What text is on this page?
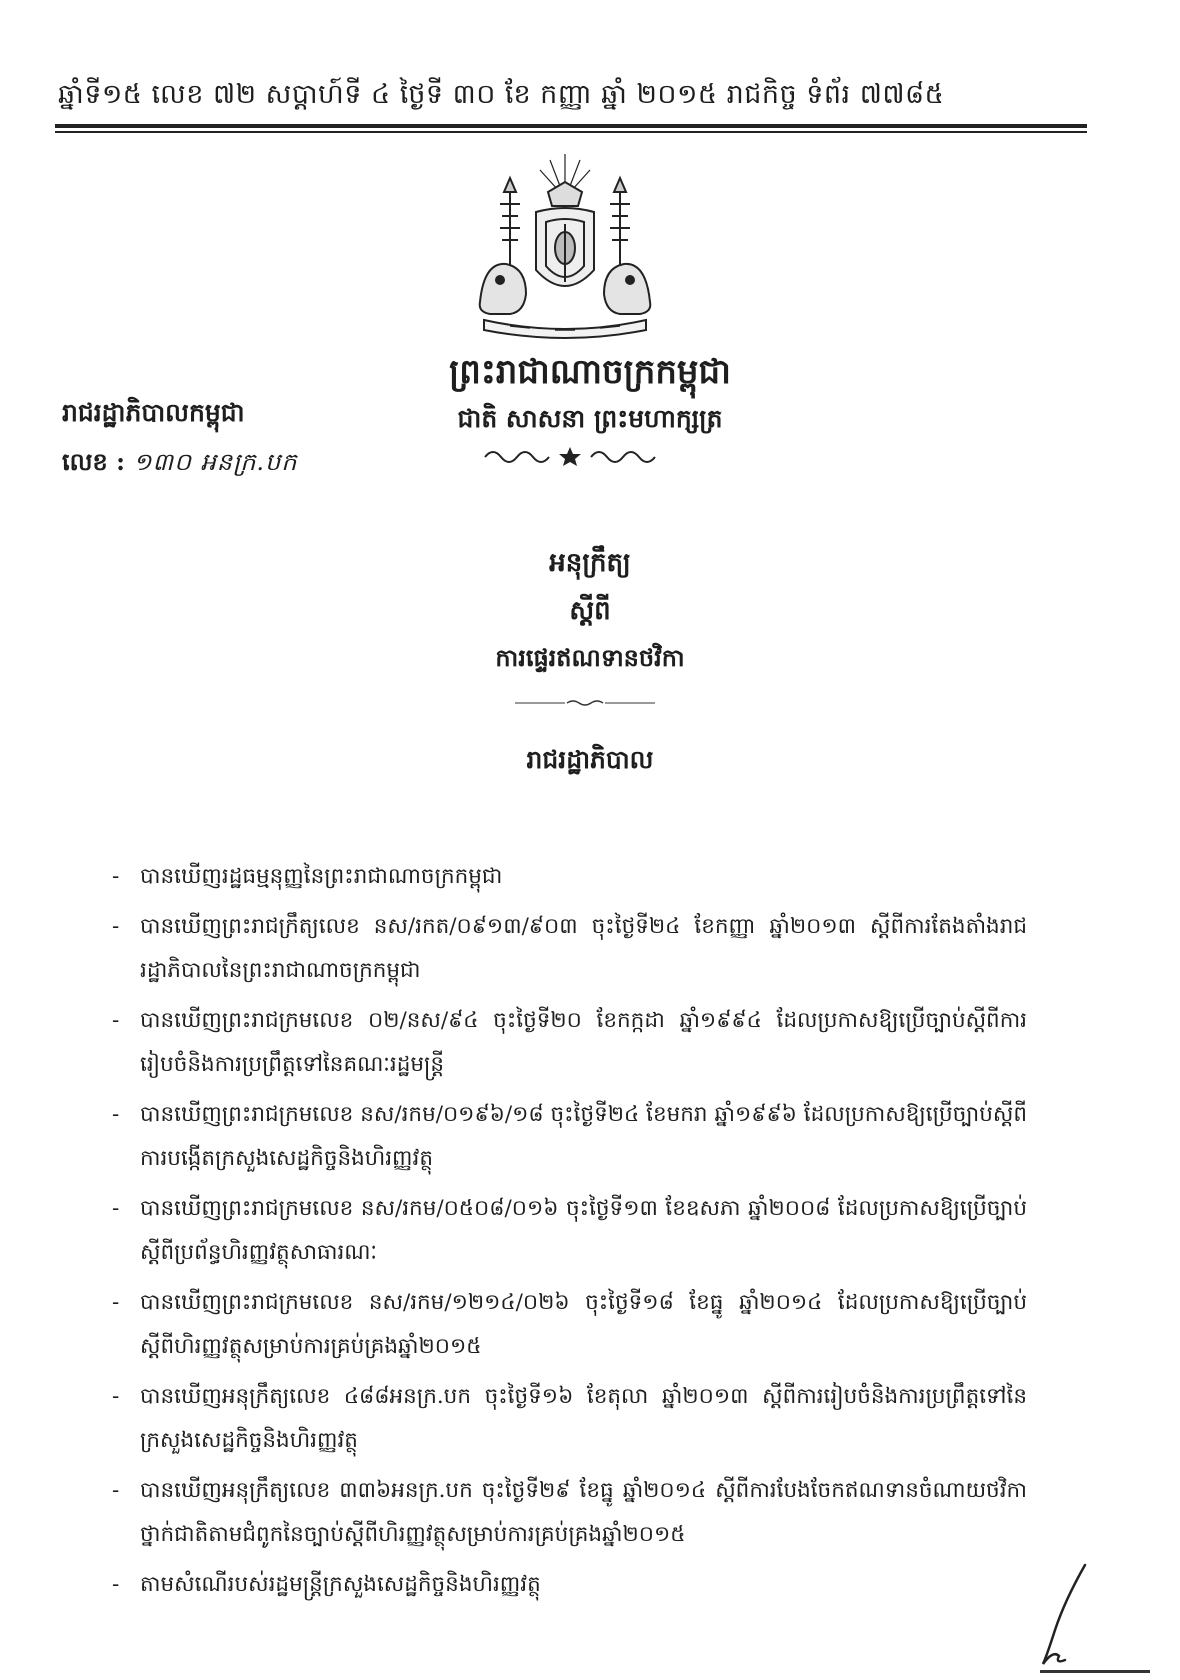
ឆ្នាំទី១៥ លេខ ៧២ សប្តាហ៍ទី ៤ ថ្ងៃទី ៣០ ខែ កញ្ញា ឆ្នាំ ២០១៥ រាជកិច្ច ទំព័រ ៧៧៨៥
ព្រះរាជាណាចក្រកម្ពុជា
ជាតិ សាសនា ព្រះមហាក្សត្រ
រាជរដ្ឋាភិបាលកម្ពុជា
លេខ : ១៣០ អនក្រ.បក
អនុក្រឹត្យ
ស្តីពី
ការផ្ទេរឥណទានថវិកា
រាជរដ្ឋាភិបាល
- បានឃើញរដ្ឋធម្មនុញ្ញនៃព្រះរាជាណាចក្រកម្ពុជា
- បានឃើញព្រះរាជក្រឹត្យលេខ នស/រកត/០៩១៣/៩០៣ ចុះថ្ងៃទី២៤ ខែកញ្ញា ឆ្នាំ២០១៣ ស្តីពីការតែងតាំងរាជរដ្ឋាភិបាលនៃព្រះរាជាណាចក្រកម្ពុជា
- បានឃើញព្រះរាជក្រមលេខ ០២/នស/៩៤ ចុះថ្ងៃទី២០ ខែកក្កដា ឆ្នាំ១៩៩៤ ដែលប្រកាសឱ្យប្រើច្បាប់ស្តីពីការរៀបចំនិងការប្រព្រឹត្តទៅនៃគណៈរដ្ឋមន្ត្រី
- បានឃើញព្រះរាជក្រមលេខ នស/រកម/០១៩៦/១៨ ចុះថ្ងៃទី២៤ ខែមករា ឆ្នាំ១៩៩៦ ដែលប្រកាសឱ្យប្រើច្បាប់ស្តីពីការបង្កើតក្រសួងសេដ្ឋកិច្ចនិងហិរញ្ញវត្ថុ
- បានឃើញព្រះរាជក្រមលេខ នស/រកម/០៥០៨/០១៦ ចុះថ្ងៃទី១៣ ខែឧសភា ឆ្នាំ២០០៨ ដែលប្រកាសឱ្យប្រើច្បាប់ស្តីពីប្រព័ន្ធហិរញ្ញវត្ថុសាធារណៈ
- បានឃើញព្រះរាជក្រមលេខ នស/រកម/១២១៤/០២៦ ចុះថ្ងៃទី១៨ ខែធ្នូ ឆ្នាំ២០១៤ ដែលប្រកាសឱ្យប្រើច្បាប់ស្តីពីហិរញ្ញវត្ថុសម្រាប់ការគ្រប់គ្រងឆ្នាំ២០១៥
- បានឃើញអនុក្រឹត្យលេខ ៤៨៨អនក្រ.បក ចុះថ្ងៃទី១៦ ខែតុលា ឆ្នាំ២០១៣ ស្តីពីការរៀបចំនិងការប្រព្រឹត្តទៅនៃក្រសួងសេដ្ឋកិច្ចនិងហិរញ្ញវត្ថុ
- បានឃើញអនុក្រឹត្យលេខ ៣៣៦អនក្រ.បក ចុះថ្ងៃទី២៩ ខែធ្នូ ឆ្នាំ២០១៤ ស្តីពីការបែងចែកឥណទានចំណាយថវិកាថ្នាក់ជាតិតាមជំពូកនៃច្បាប់ស្តីពីហិរញ្ញវត្ថុសម្រាប់ការគ្រប់គ្រងឆ្នាំ២០១៥
- តាមសំណើរបស់រដ្ឋមន្ត្រីក្រសួងសេដ្ឋកិច្ចនិងហិរញ្ញវត្ថុ
